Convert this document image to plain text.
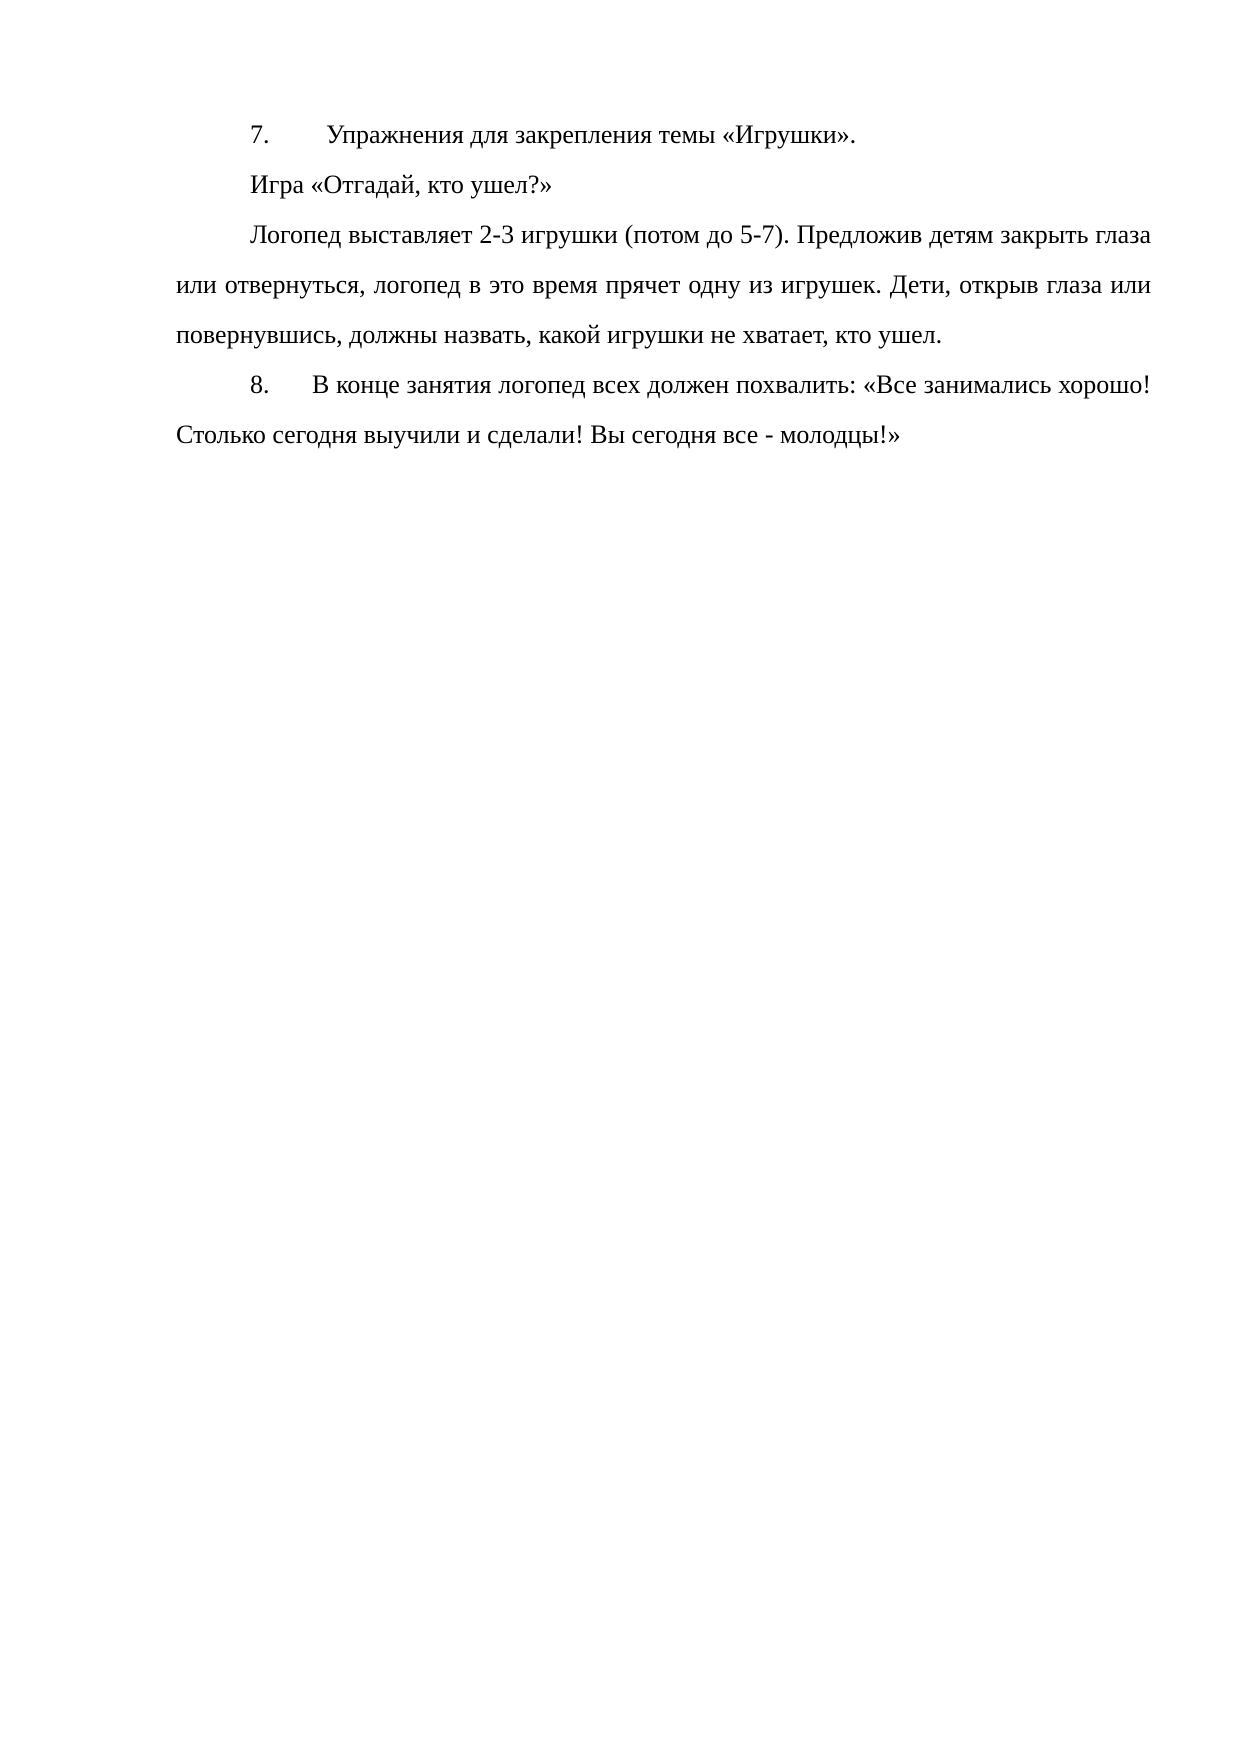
7.	Упражнения для закрепления темы «Игрушки».

Игра «Отгадай, кто ушел?»

Логопед выставляет 2-3 игрушки (потом до 5-7). Предложив детям закрыть глаза или отвернуться, логопед в это время прячет одну из игрушек. Дети, открыв глаза или повернувшись, должны назвать, какой игрушки не хватает, кто ушел.

8. В конце занятия логопед всех должен похвалить: «Все занимались хорошо! Столько сегодня выучили и сделали! Вы сегодня все - молодцы!»
